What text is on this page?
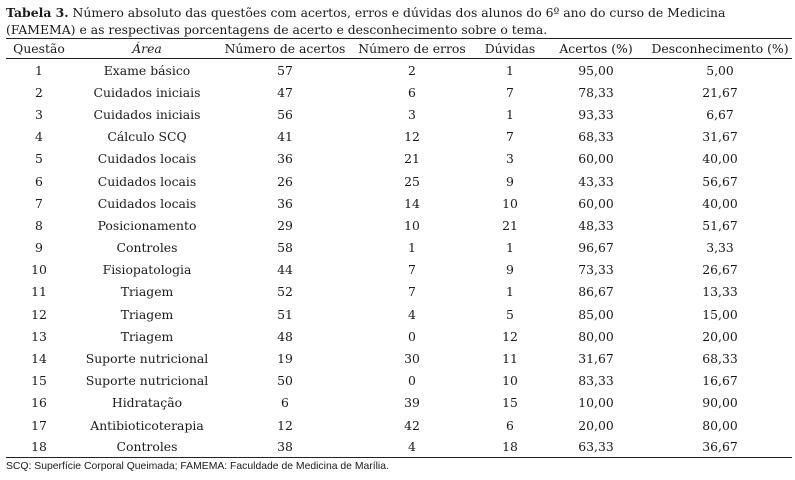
Tabela 3. Número absoluto das questões com acertos, erros e dúvidas dos alunos do 6º ano do curso de Medicina (FAMEMA) e as respectivas porcentagens de acerto e desconhecimento sobre o tema.
Questão	Área	Número de acertos	Número de erros	Dúvidas	Acertos (%)	Desconhecimento (%)
1	Exame básico	57	2	1	95,00	5,00
2	Cuidados iniciais	47	6	7	78,33	21,67
3	Cuidados iniciais	56	3	1	93,33	6,67
4	Cálculo SCQ	41	12	7	68,33	31,67
5	Cuidados locais	36	21	3	60,00	40,00
6	Cuidados locais	26	25	9	43,33	56,67
7	Cuidados locais	36	14	10	60,00	40,00
8	Posicionamento	29	10	21	48,33	51,67
9	Controles	58	1	1	96,67	3,33
10	Fisiopatologia	44	7	9	73,33	26,67
11	Triagem	52	7	1	86,67	13,33
12	Triagem	51	4	5	85,00	15,00
13	Triagem	48	0	12	80,00	20,00
14	Suporte nutricional	19	30	11	31,67	68,33
15	Suporte nutricional	50	0	10	83,33	16,67
16	Hidratação	6	39	15	10,00	90,00
17	Antibioticoterapia	12	42	6	20,00	80,00
18	Controles	38	4	18	63,33	36,67
SCQ: Superfície Corporal Queimada; FAMEMA: Faculdade de Medicina de Marília.
